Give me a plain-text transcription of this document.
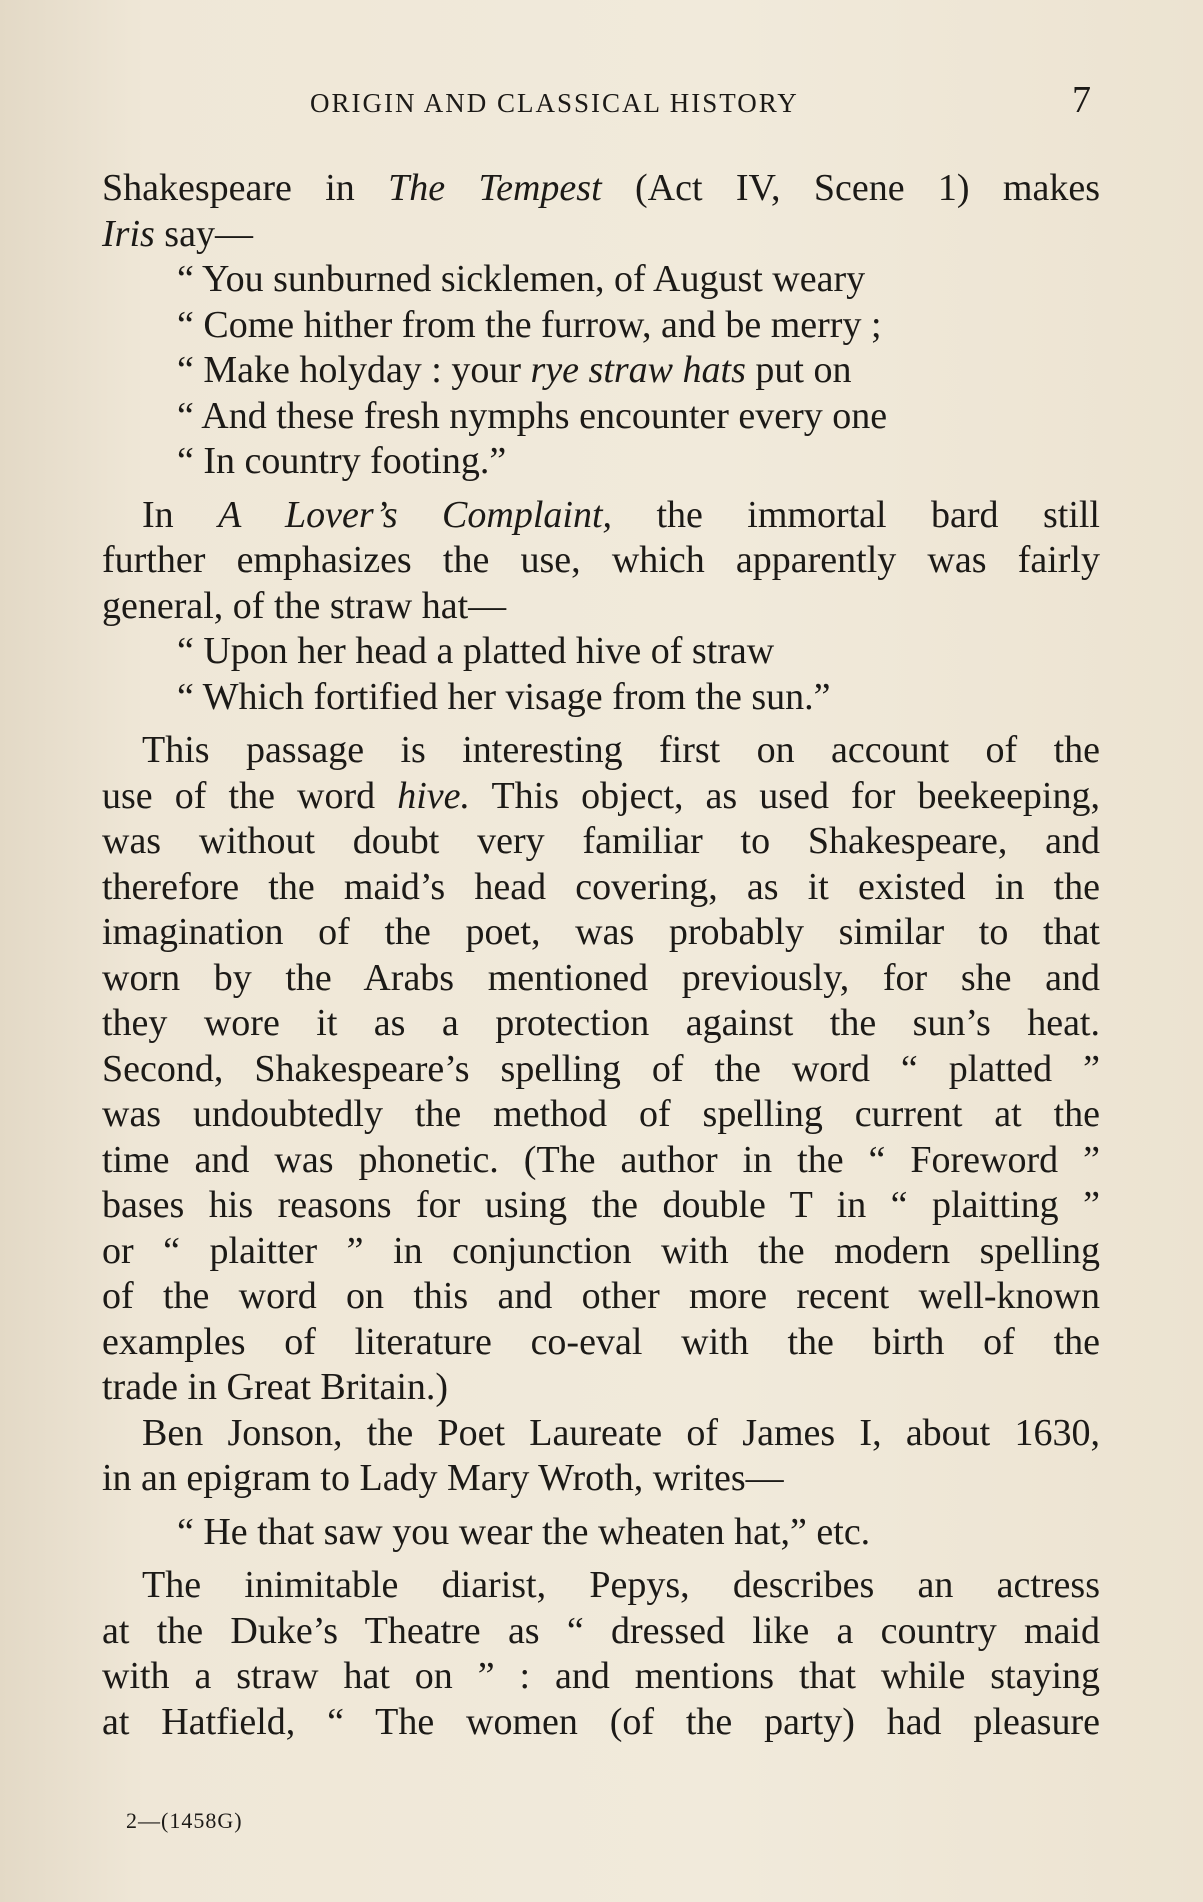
ORIGIN AND CLASSICAL HISTORY	7
Shakespeare in The Tempest (Act IV, Scene 1) makes
Iris say—
“ You sunburned sicklemen, of August weary
“ Come hither from the furrow, and be merry ;
“ Make holyday : your rye straw hats put on
“ And these fresh nymphs encounter every one
“ In country footing.”
In A Lover’s Complaint, the immortal bard still
further emphasizes the use, which apparently was fairly
general, of the straw hat—
“ Upon her head a platted hive of straw
“ Which fortified her visage from the sun.”
This passage is interesting first on account of the
use of the word hive. This object, as used for beekeeping,
was without doubt very familiar to Shakespeare, and
therefore the maid’s head covering, as it existed in the
imagination of the poet, was probably similar to that
worn by the Arabs mentioned previously, for she and
they wore it as a protection against the sun’s heat.
Second, Shakespeare’s spelling of the word “ platted ”
was undoubtedly the method of spelling current at the
time and was phonetic. (The author in the “ Foreword ”
bases his reasons for using the double T in “ plaitting ”
or “ plaitter ” in conjunction with the modern spelling
of the word on this and other more recent well-known
examples of literature co-eval with the birth of the
trade in Great Britain.)
Ben Jonson, the Poet Laureate of James I, about 1630,
in an epigram to Lady Mary Wroth, writes—
“ He that saw you wear the wheaten hat,” etc.
The inimitable diarist, Pepys, describes an actress
at the Duke’s Theatre as “ dressed like a country maid
with a straw hat on ” : and mentions that while staying
at Hatfield, “ The women (of the party) had pleasure
2—(1458G)
